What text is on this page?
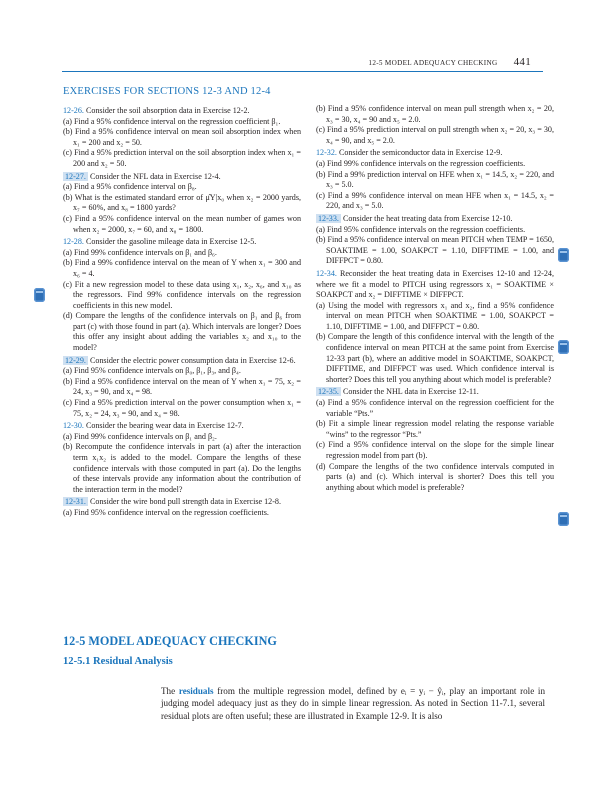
12-5 MODEL ADEQUACY CHECKING 441
EXERCISES FOR SECTIONS 12-3 AND 12-4

12-26. Consider the soil absorption data in Exercise 12-2.

(a) Find a 95% confidence interval on the regression coefficient β₁.

(b) Find a 95% confidence interval on mean soil absorption index when x₁ = 200 and x₂ = 50.

(c) Find a 95% prediction interval on the soil absorption index when x₁ = 200 and x₂ = 50.

12-27. Consider the NFL data in Exercise 12-4.

(a) Find a 95% confidence interval on β₈.

(b) What is the estimated standard error of μ̂Y|x₀ when x₂ = 2000 yards, x₇ = 60%, and x₈ = 1800 yards?

(c) Find a 95% confidence interval on the mean number of games won when x₂ = 2000, x₇ = 60, and x₈ = 1800.

12-28. Consider the gasoline mileage data in Exercise 12-5.

(a) Find 99% confidence intervals on β₁ and β₆.

(b) Find a 99% confidence interval on the mean of Y when x₁ = 300 and x₆ = 4.

(c) Fit a new regression model to these data using x₁, x₂, x₆, and x₁₀ as the regressors. Find 99% confidence intervals on the regression coefficients in this new model.

(d) Compare the lengths of the confidence intervals on β₁ and β₆ from part (c) with those found in part (a). Which intervals are longer? Does this offer any insight about adding the variables x₂ and x₁₀ to the model?

12-29. Consider the electric power consumption data in Exercise 12-6.

(a) Find 95% confidence intervals on β₀, β₁, β₃, and β₄.

(b) Find a 95% confidence interval on the mean of Y when x₁ = 75, x₂ = 24, x₃ = 90, and x₄ = 98.

(c) Find a 95% prediction interval on the power consumption when x₁ = 75, x₂ = 24, x₃ = 90, and x₄ = 98.

12-30. Consider the bearing wear data in Exercise 12-7.

(a) Find 99% confidence intervals on β₁ and β₂.

(b) Recompute the confidence intervals in part (a) after the interaction term x₁x₂ is added to the model. Compare the lengths of these confidence intervals with those computed in part (a). Do the lengths of these intervals provide any information about the contribution of the interaction term in the model?

12-31. Consider the wire bond pull strength data in Exercise 12-8.

(a) Find 95% confidence interval on the regression coefficients.

(b) Find a 95% confidence interval on mean pull strength when x₂ = 20, x₃ = 30, x₄ = 90 and x₅ = 2.0.

(c) Find a 95% prediction interval on pull strength when x₂ = 20, x₃ = 30, x₄ = 90, and x₅ = 2.0.

12-32. Consider the semiconductor data in Exercise 12-9.

(a) Find 99% confidence intervals on the regression coefficients.

(b) Find a 99% prediction interval on HFE when x₁ = 14.5, x₂ = 220, and x₃ = 5.0.

(c) Find a 99% confidence interval on mean HFE when x₁ = 14.5, x₂ = 220, and x₃ = 5.0.

12-33. Consider the heat treating data from Exercise 12-10.

(a) Find 95% confidence intervals on the regression coefficients.

(b) Find a 95% confidence interval on mean PITCH when TEMP = 1650, SOAKTIME = 1.00, SOAKPCT = 1.10, DIFFTIME = 1.00, and DIFFPCT = 0.80.

12-34. Reconsider the heat treating data in Exercises 12-10 and 12-24, where we fit a model to PITCH using regressors x₁ = SOAKTIME × SOAKPCT and x₂ = DIFFTIME × DIFFPCT.

(a) Using the model with regressors x₁ and x₂, find a 95% confidence interval on mean PITCH when SOAKTIME = 1.00, SOAKPCT = 1.10, DIFFTIME = 1.00, and DIFFPCT = 0.80.

(b) Compare the length of this confidence interval with the length of the confidence interval on mean PITCH at the same point from Exercise 12-33 part (b), where an additive model in SOAKTIME, SOAKPCT, DIFFTIME, and DIFFPCT was used. Which confidence interval is shorter? Does this tell you anything about which model is preferable?

12-35. Consider the NHL data in Exercise 12-11.

(a) Find a 95% confidence interval on the regression coefficient for the variable “Pts.”

(b) Fit a simple linear regression model relating the response variable “wins” to the regressor “Pts.”

(c) Find a 95% confidence interval on the slope for the simple linear regression model from part (b).

(d) Compare the lengths of the two confidence intervals computed in parts (a) and (c). Which interval is shorter? Does this tell you anything about which model is preferable?

12-5 MODEL ADEQUACY CHECKING
12-5.1 Residual Analysis
The residuals from the multiple regression model, defined by eᵢ = yᵢ − ŷᵢ, play an important role in judging model adequacy just as they do in simple linear regression. As noted in Section 11-7.1, several residual plots are often useful; these are illustrated in Example 12-9. It is also
